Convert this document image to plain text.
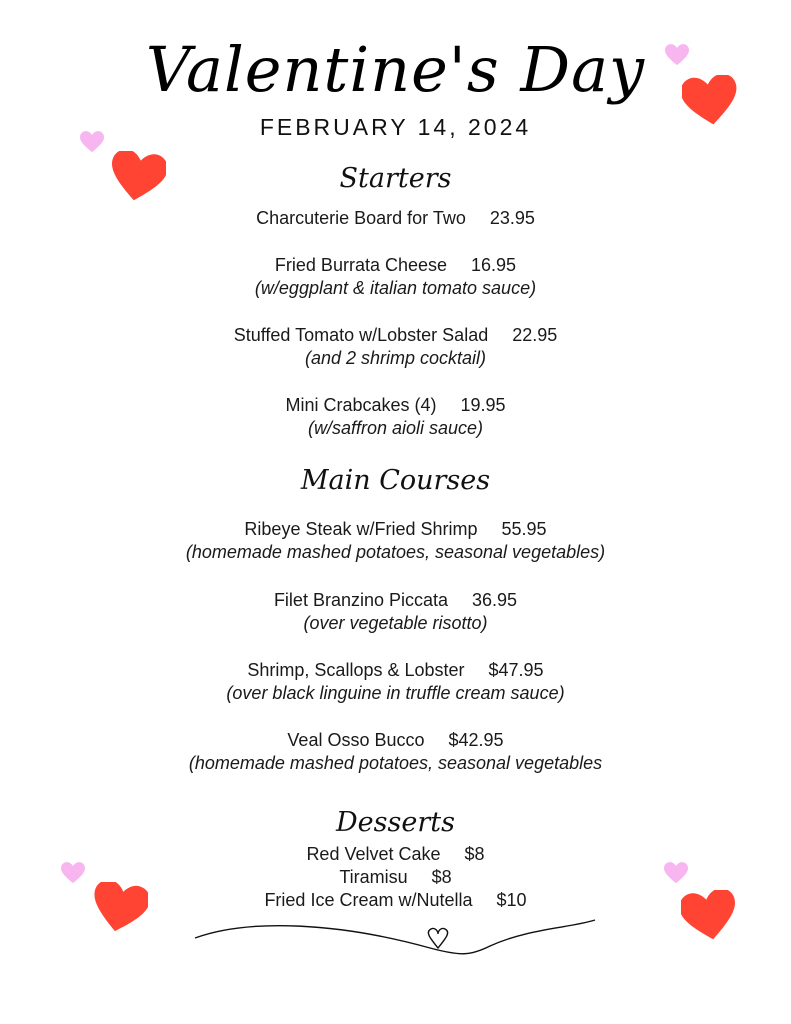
Valentine's Day
FEBRUARY 14, 2024
Starters
Charcuterie Board for Two 23.95
Fried Burrata Cheese 16.95
(w/eggplant & italian tomato sauce)
Stuffed Tomato w/Lobster Salad 22.95
(and 2 shrimp cocktail)
Mini Crabcakes (4) 19.95
(w/saffron aioli sauce)
Main Courses
Ribeye Steak w/Fried Shrimp 55.95
(homemade mashed potatoes, seasonal vegetables)
Filet Branzino Piccata 36.95
(over vegetable risotto)
Shrimp, Scallops & Lobster $47.95
(over black linguine in truffle cream sauce)
Veal Osso Bucco $42.95
(homemade mashed potatoes, seasonal vegetables
Desserts
Red Velvet Cake $8
Tiramisu $8
Fried Ice Cream w/Nutella $10
